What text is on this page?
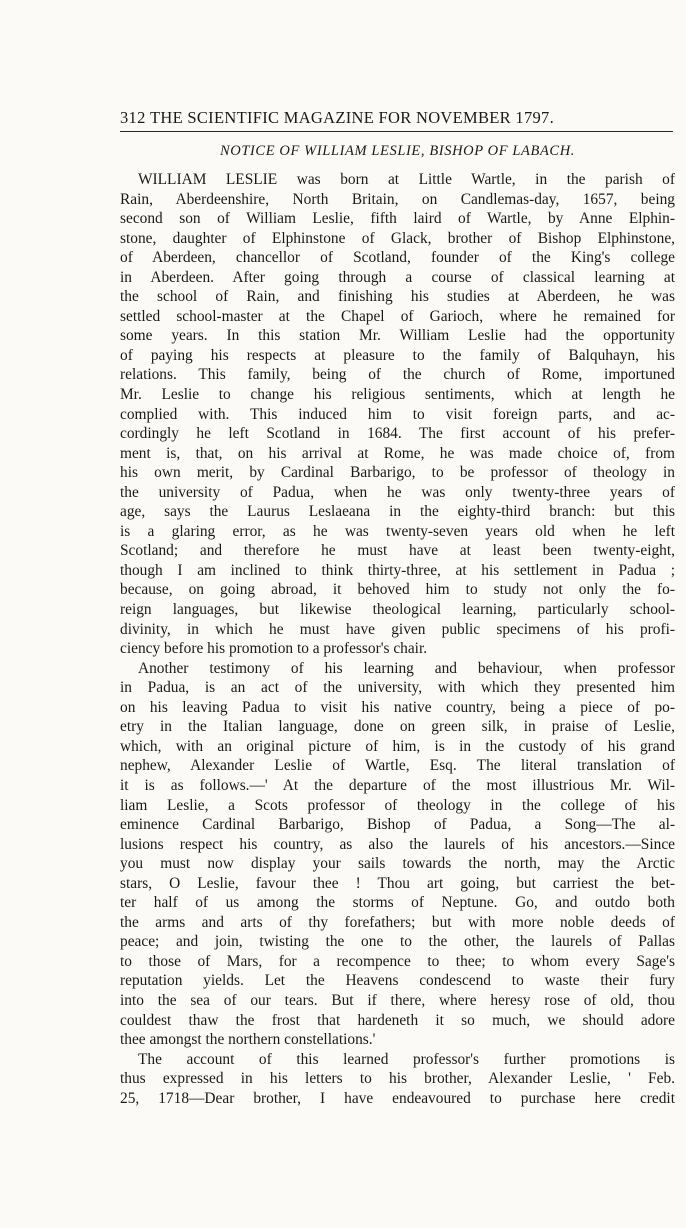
312 THE SCIENTIFIC MAGAZINE FOR NOVEMBER 1797.
NOTICE OF WILLIAM LESLIE, BISHOP OF LABACH.
WILLIAM LESLIE was born at Little Wartle, in the parish of
Rain, Aberdeenshire, North Britain, on Candlemas-day, 1657, being
second son of William Leslie, fifth laird of Wartle, by Anne Elphin-
stone, daughter of Elphinstone of Glack, brother of Bishop Elphinstone,
of Aberdeen, chancellor of Scotland, founder of the King's college
in Aberdeen. After going through a course of classical learning at
the school of Rain, and finishing his studies at Aberdeen, he was
settled school-master at the Chapel of Garioch, where he remained for
some years. In this station Mr. William Leslie had the opportunity
of paying his respects at pleasure to the family of Balquhayn, his
relations. This family, being of the church of Rome, importuned
Mr. Leslie to change his religious sentiments, which at length he
complied with. This induced him to visit foreign parts, and ac-
cordingly he left Scotland in 1684. The first account of his prefer-
ment is, that, on his arrival at Rome, he was made choice of, from
his own merit, by Cardinal Barbarigo, to be professor of theology in
the university of Padua, when he was only twenty-three years of
age, says the Laurus Leslaeana in the eighty-third branch: but this
is a glaring error, as he was twenty-seven years old when he left
Scotland; and therefore he must have at least been twenty-eight,
though I am inclined to think thirty-three, at his settlement in Padua ;
because, on going abroad, it behoved him to study not only the fo-
reign languages, but likewise theological learning, particularly school-
divinity, in which he must have given public specimens of his profi-
ciency before his promotion to a professor's chair.
Another testimony of his learning and behaviour, when professor
in Padua, is an act of the university, with which they presented him
on his leaving Padua to visit his native country, being a piece of po-
etry in the Italian language, done on green silk, in praise of Leslie,
which, with an original picture of him, is in the custody of his grand
nephew, Alexander Leslie of Wartle, Esq. The literal translation of
it is as follows.—' At the departure of the most illustrious Mr. Wil-
liam Leslie, a Scots professor of theology in the college of his
eminence Cardinal Barbarigo, Bishop of Padua, a Song—The al-
lusions respect his country, as also the laurels of his ancestors.—Since
you must now display your sails towards the north, may the Arctic
stars, O Leslie, favour thee ! Thou art going, but carriest the bet-
ter half of us among the storms of Neptune. Go, and outdo both
the arms and arts of thy forefathers; but with more noble deeds of
peace; and join, twisting the one to the other, the laurels of Pallas
to those of Mars, for a recompence to thee; to whom every Sage's
reputation yields. Let the Heavens condescend to waste their fury
into the sea of our tears. But if there, where heresy rose of old, thou
couldest thaw the frost that hardeneth it so much, we should adore
thee amongst the northern constellations.'
The account of this learned professor's further promotions is
thus expressed in his letters to his brother, Alexander Leslie, ' Feb.
25, 1718—Dear brother, I have endeavoured to purchase here credit
